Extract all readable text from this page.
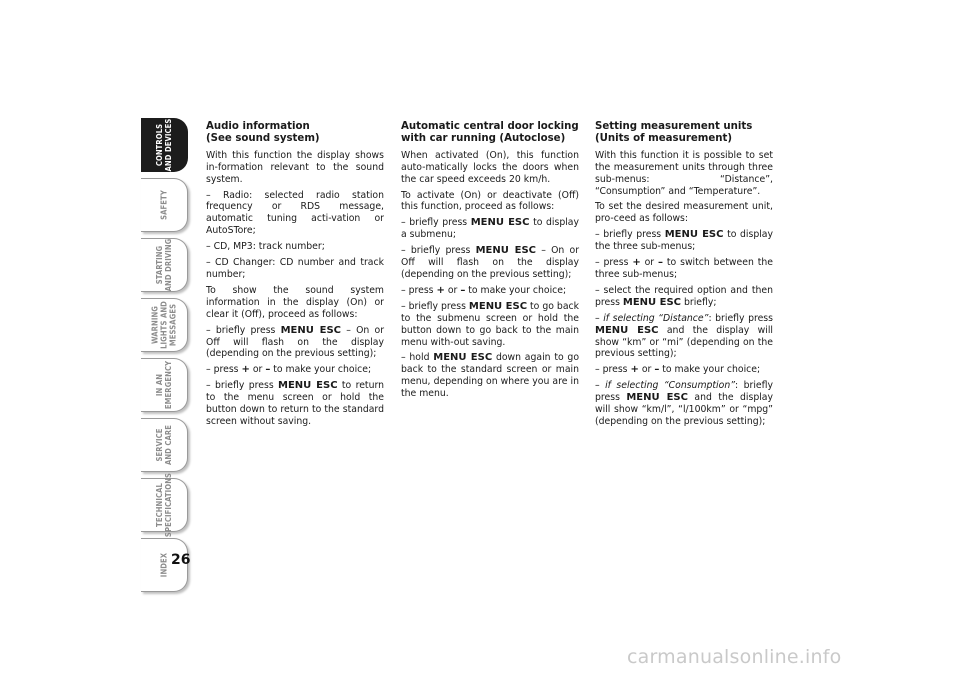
CONTROLS
AND DEVICES
SAFETY
STARTING
AND DRIVING
WARNING
LIGHTS AND
MESSAGES
IN AN
EMERGENCY
SERVICE
AND CARE
TECHNICAL
SPECIFICATIONS
INDEX 26
Audio information
(See sound system)

With this function the display shows in-formation relevant to the sound system.

– Radio: selected radio station frequency or RDS message, automatic tuning acti-vation or AutoSTore;

– CD, MP3: track number;

– CD Changer: CD number and track number;

To show the sound system information in the display (On) or clear it (Off), proceed as follows:

– briefly press MENU ESC – On or Off will flash on the display (depending on the previous setting);

– press + or – to make your choice;

– briefly press MENU ESC to return to the menu screen or hold the button down to return to the standard screen without saving.

Automatic central door locking
with car running (Autoclose)

When activated (On), this function auto-matically locks the doors when the car speed exceeds 20 km/h.

To activate (On) or deactivate (Off) this function, proceed as follows:

– briefly press MENU ESC to display a submenu;

– briefly press MENU ESC – On or Off will flash on the display (depending on the previous setting);

– press + or – to make your choice;

– briefly press MENU ESC to go back to the submenu screen or hold the button down to go back to the main menu with-out saving.

– hold MENU ESC down again to go back to the standard screen or main menu, depending on where you are in the menu.

Setting measurement units
(Units of measurement)

With this function it is possible to set the measurement units through three sub-menus: “Distance”, “Consumption” and “Temperature”.

To set the desired measurement unit, pro-ceed as follows:

– briefly press MENU ESC to display the three sub-menus;

– press + or – to switch between the three sub-menus;

– select the required option and then press MENU ESC briefly;

– if selecting “Distance”: briefly press MENU ESC and the display will show “km” or “mi” (depending on the previous setting);

– press + or – to make your choice;

– if selecting “Consumption”: briefly press MENU ESC and the display will show “km/l”, “l/100km” or “mpg” (depending on the previous setting);

carmanualsonline.info
